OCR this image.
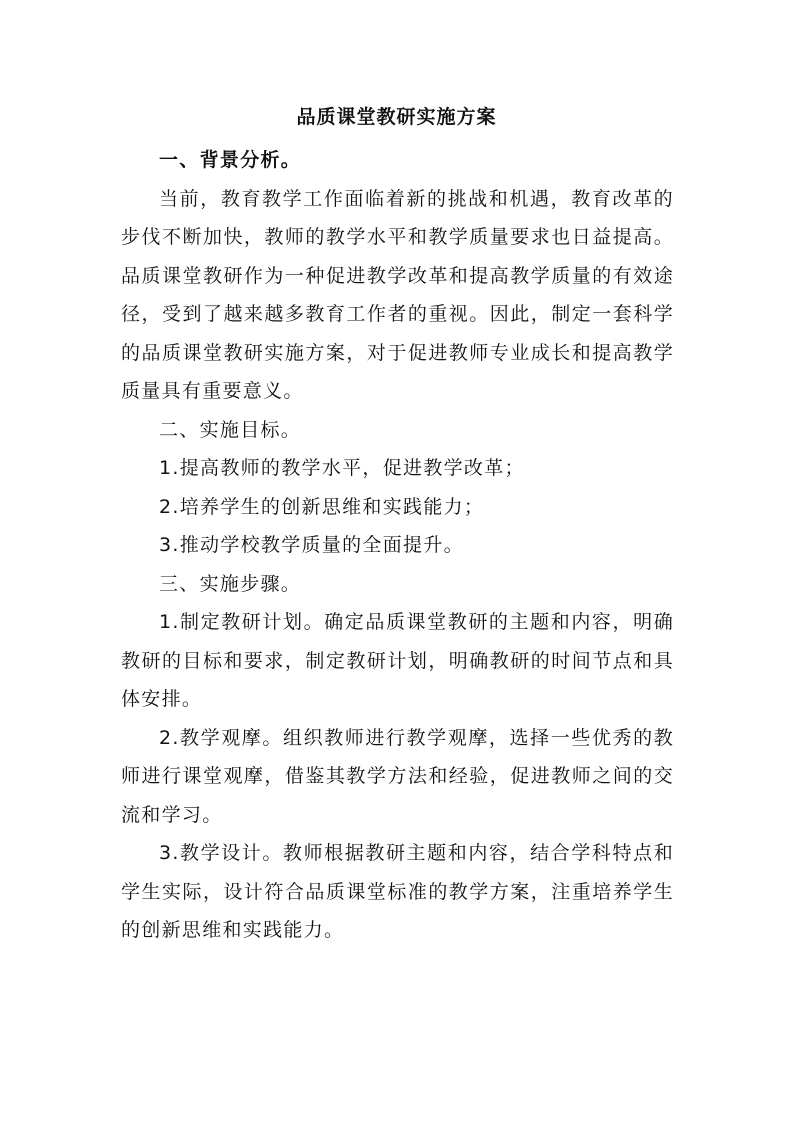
品质课堂教研实施方案

一、背景分析。

当前，教育教学工作面临着新的挑战和机遇，教育改革的步伐不断加快，教师的教学水平和教学质量要求也日益提高。品质课堂教研作为一种促进教学改革和提高教学质量的有效途径，受到了越来越多教育工作者的重视。因此，制定一套科学的品质课堂教研实施方案，对于促进教师专业成长和提高教学质量具有重要意义。

二、实施目标。

1.提高教师的教学水平，促进教学改革；

2.培养学生的创新思维和实践能力；

3.推动学校教学质量的全面提升。

三、实施步骤。

1.制定教研计划。确定品质课堂教研的主题和内容，明确教研的目标和要求，制定教研计划，明确教研的时间节点和具体安排。

2.教学观摩。组织教师进行教学观摩，选择一些优秀的教师进行课堂观摩，借鉴其教学方法和经验，促进教师之间的交流和学习。

3.教学设计。教师根据教研主题和内容，结合学科特点和学生实际，设计符合品质课堂标准的教学方案，注重培养学生的创新思维和实践能力。
